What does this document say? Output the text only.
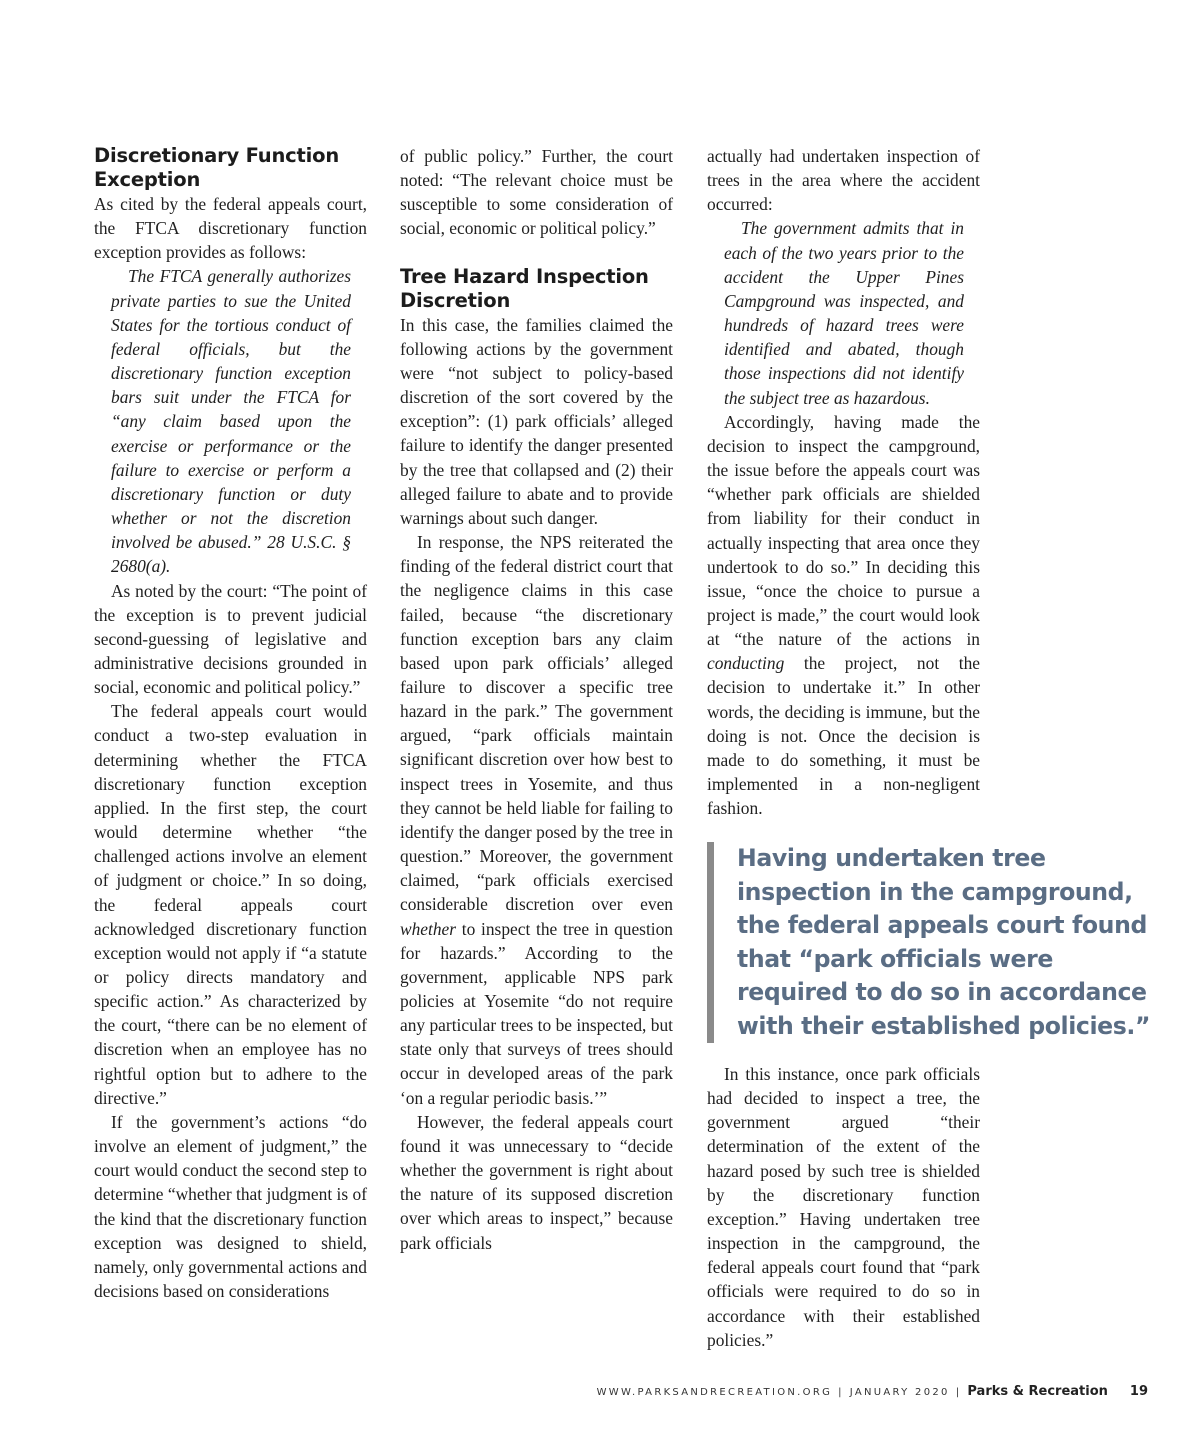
Discretionary Function Exception

As cited by the federal appeals court, the FTCA discretionary function exception provides as follows:

The FTCA generally authorizes private parties to sue the United States for the tortious conduct of federal officials, but the discretionary function exception bars suit under the FTCA for “any claim based upon the exercise or performance or the failure to exercise or perform a discretionary function or duty whether or not the discretion involved be abused.” 28 U.S.C. § 2680(a).

As noted by the court: “The point of the exception is to prevent judicial second-guessing of legislative and administrative decisions grounded in social, economic and political policy.”

The federal appeals court would conduct a two-step evaluation in determining whether the FTCA discretionary function exception applied. In the first step, the court would determine whether “the challenged actions involve an element of judgment or choice.” In so doing, the federal appeals court acknowledged discretionary function exception would not apply if “a statute or policy directs mandatory and specific action.” As characterized by the court, “there can be no element of discretion when an employee has no rightful option but to adhere to the directive.”

If the government’s actions “do involve an element of judgment,” the court would conduct the second step to determine “whether that judgment is of the kind that the discretionary function exception was designed to shield, namely, only governmental actions and decisions based on considerations

of public policy.” Further, the court noted: “The relevant choice must be susceptible to some consideration of social, economic or political policy.”

Tree Hazard Inspection Discretion

In this case, the families claimed the following actions by the government were “not subject to policy-based discretion of the sort covered by the exception”: (1) park officials’ alleged failure to identify the danger presented by the tree that collapsed and (2) their alleged failure to abate and to provide warnings about such danger.

In response, the NPS reiterated the finding of the federal district court that the negligence claims in this case failed, because “the discretionary function exception bars any claim based upon park officials’ alleged failure to discover a specific tree hazard in the park.” The government argued, “park officials maintain significant discretion over how best to inspect trees in Yosemite, and thus they cannot be held liable for failing to identify the danger posed by the tree in question.” Moreover, the government claimed, “park officials exercised considerable discretion over even whether to inspect the tree in question for hazards.” According to the government, applicable NPS park policies at Yosemite “do not require any particular trees to be inspected, but state only that surveys of trees should occur in developed areas of the park ‘on a regular periodic basis.’”

However, the federal appeals court found it was unnecessary to “decide whether the government is right about the nature of its supposed discretion over which areas to inspect,” because park officials

actually had undertaken inspection of trees in the area where the accident occurred:

The government admits that in each of the two years prior to the accident the Upper Pines Campground was inspected, and hundreds of hazard trees were identified and abated, though those inspections did not identify the subject tree as hazardous.

Accordingly, having made the decision to inspect the campground, the issue before the appeals court was “whether park officials are shielded from liability for their conduct in actually inspecting that area once they undertook to do so.” In deciding this issue, “once the choice to pursue a project is made,” the court would look at “the nature of the actions in conducting the project, not the decision to undertake it.” In other words, the deciding is immune, but the doing is not. Once the decision is made to do something, it must be implemented in a non-negligent fashion.

Having undertaken tree inspection in the campground, the federal appeals court found that “park officials were required to do so in accordance with their established policies.”

In this instance, once park officials had decided to inspect a tree, the government argued “their determination of the extent of the hazard posed by such tree is shielded by the discretionary function exception.” Having undertaken tree inspection in the campground, the federal appeals court found that “park officials were required to do so in accordance with their established policies.”

WWW.PARKSANDRECREATION.ORG | JANUARY 2020 | Parks & Recreation 19
